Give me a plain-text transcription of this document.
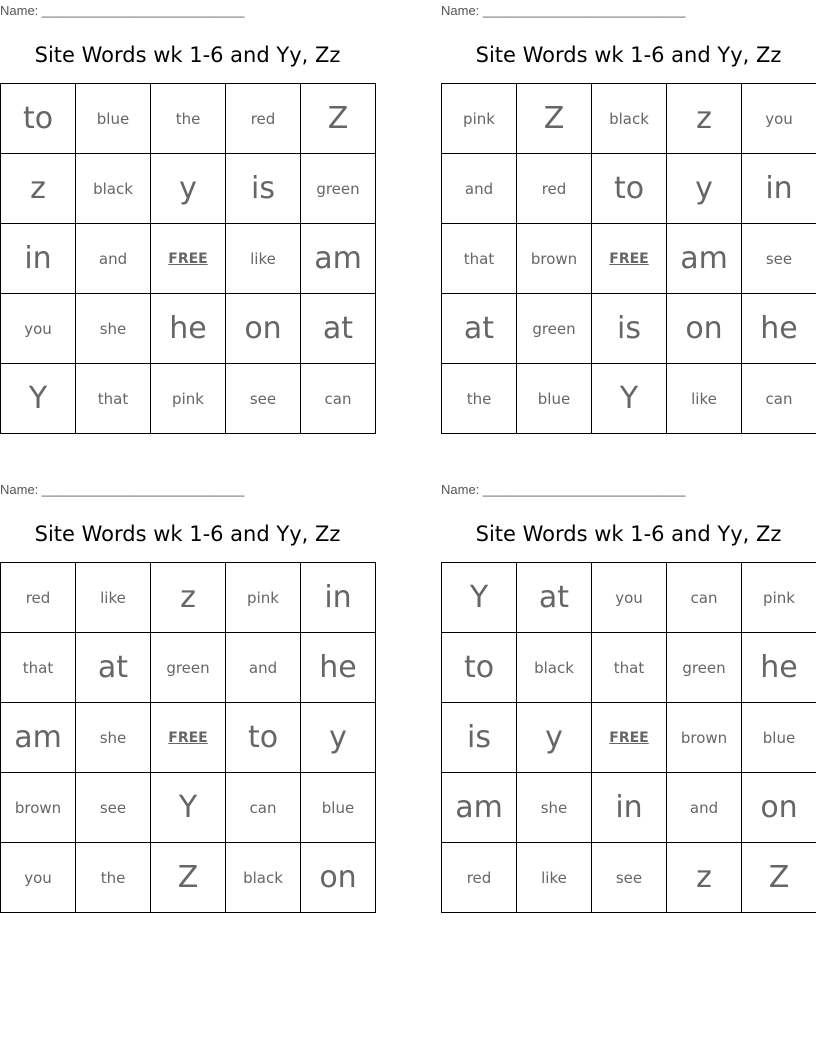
Name: ____________________________
Site Words wk 1-6 and Yy, Zz
to	blue	the	red	Z
z	black	y	is	green
in	and	FREE	like	am
you	she	he	on	at
Y	that	pink	see	can
Name: ____________________________
Site Words wk 1-6 and Yy, Zz
pink	Z	black	z	you
and	red	to	y	in
that	brown	FREE	am	see
at	green	is	on	he
the	blue	Y	like	can
Name: ____________________________
Site Words wk 1-6 and Yy, Zz
red	like	z	pink	in
that	at	green	and	he
am	she	FREE	to	y
brown	see	Y	can	blue
you	the	Z	black	on
Name: ____________________________
Site Words wk 1-6 and Yy, Zz
Y	at	you	can	pink
to	black	that	green	he
is	y	FREE	brown	blue
am	she	in	and	on
red	like	see	z	Z
